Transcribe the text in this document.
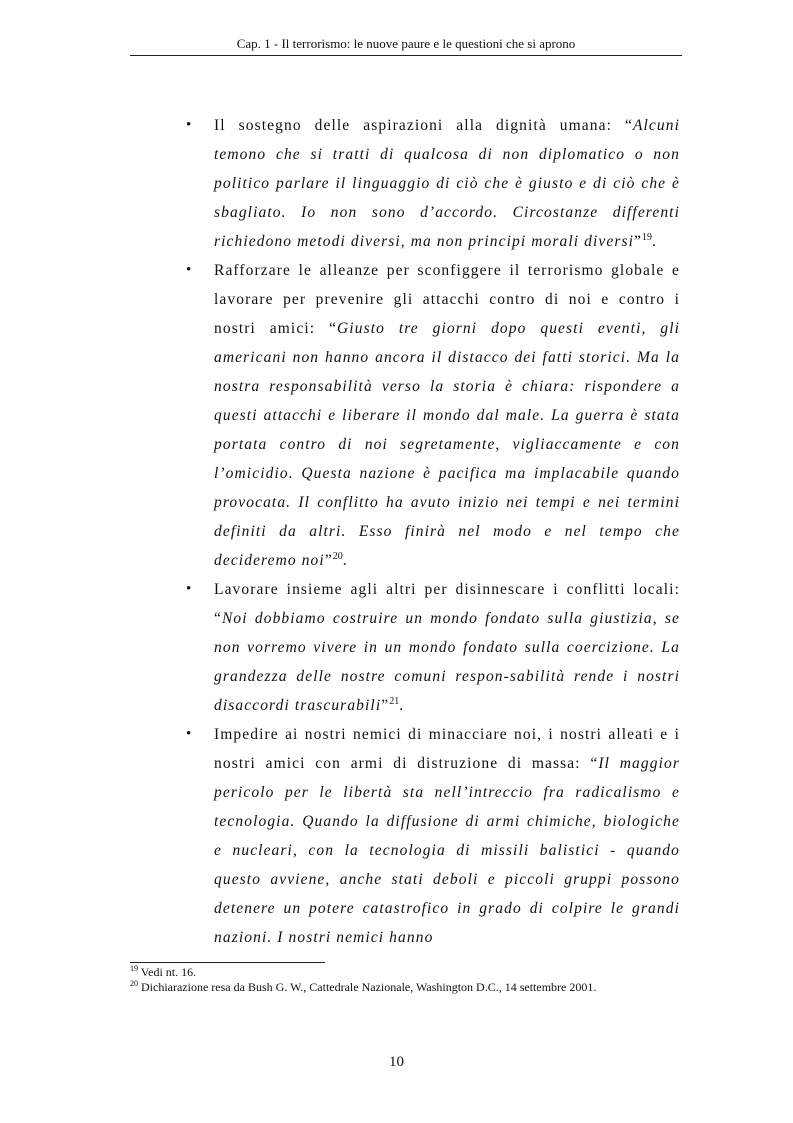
Cap. 1 - Il terrorismo: le nuove paure e le questioni che si aprono
• Il sostegno delle aspirazioni alla dignità umana: “Alcuni temono che si tratti di qualcosa di non diplomatico o non politico parlare il linguaggio di ciò che è giusto e di ciò che è sbagliato. Io non sono d’accordo. Circostanze differenti richiedono metodi diversi, ma non principi morali diversi”$^{19}$.
• Rafforzare le alleanze per sconfiggere il terrorismo globale e lavorare per prevenire gli attacchi contro di noi e contro i nostri amici: “Giusto tre giorni dopo questi eventi, gli americani non hanno ancora il distacco dei fatti storici. Ma la nostra responsabilità verso la storia è chiara: rispondere a questi attacchi e liberare il mondo dal male. La guerra è stata portata contro di noi segretamente, vigliaccamente e con l’omicidio. Questa nazione è pacifica ma implacabile quando provocata. Il conflitto ha avuto inizio nei tempi e nei termini definiti da altri. Esso finirà nel modo e nel tempo che decideremo noi”$^{20}$.
• Lavorare insieme agli altri per disinnescare i conflitti locali: “Noi dobbiamo costruire un mondo fondato sulla giustizia, se non vorremo vivere in un mondo fondato sulla coercizione. La grandezza delle nostre comuni respon-sabilità rende i nostri disaccordi trascurabili”$^{21}$.
• Impedire ai nostri nemici di minacciare noi, i nostri alleati e i nostri amici con armi di distruzione di massa: “Il maggior pericolo per le libertà sta nell’intreccio fra radicalismo e tecnologia. Quando la diffusione di armi chimiche, biologiche e nucleari, con la tecnologia di missili balistici - quando questo avviene, anche stati deboli e piccoli gruppi possono detenere un potere catastrofico in grado di colpire le grandi nazioni. I nostri nemici hanno
$^{19}$ Vedi nt. 16.
$^{20}$ Dichiarazione resa da Bush G. W., Cattedrale Nazionale, Washington D.C., 14 settembre 2001.
10
